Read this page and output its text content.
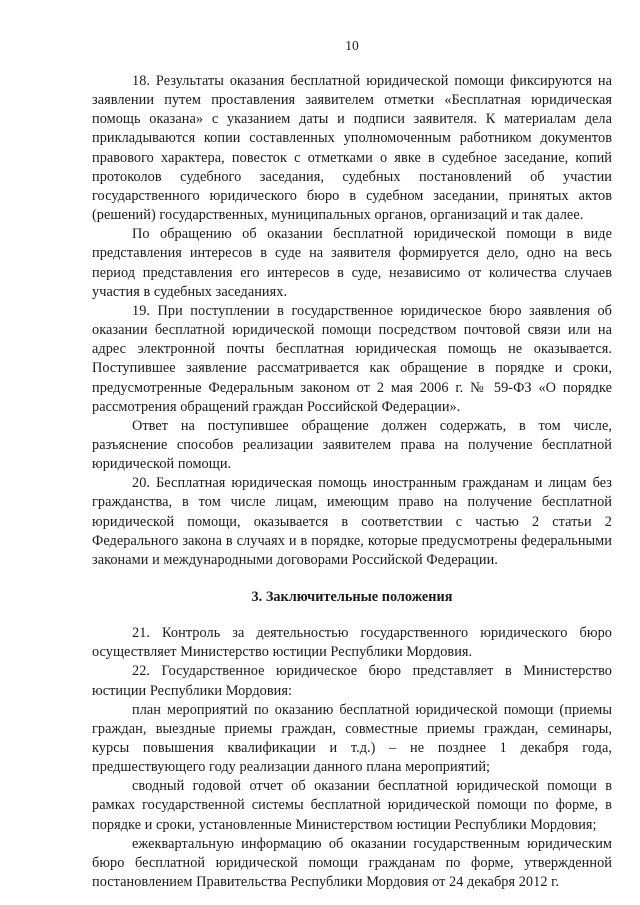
10

18. Результаты оказания бесплатной юридической помощи фиксируются на заявлении путем проставления заявителем отметки «Бесплатная юридическая помощь оказана» с указанием даты и подписи заявителя. К материалам дела прикладываются копии составленных уполномоченным работником документов правового характера, повесток с отметками о явке в судебное заседание, копий протоколов судебного заседания, судебных постановлений об участии государственного юридического бюро в судебном заседании, принятых актов (решений) государственных, муниципальных органов, организаций и так далее.

По обращению об оказании бесплатной юридической помощи в виде представления интересов в суде на заявителя формируется дело, одно на весь период представления его интересов в суде, независимо от количества случаев участия в судебных заседаниях.

19. При поступлении в государственное юридическое бюро заявления об оказании бесплатной юридической помощи посредством почтовой связи или на адрес электронной почты бесплатная юридическая помощь не оказывается. Поступившее заявление рассматривается как обращение в порядке и сроки, предусмотренные Федеральным законом от 2 мая 2006 г. № 59-ФЗ «О порядке рассмотрения обращений граждан Российской Федерации».

Ответ на поступившее обращение должен содержать, в том числе, разъяснение способов реализации заявителем права на получение бесплатной юридической помощи.

20. Бесплатная юридическая помощь иностранным гражданам и лицам без гражданства, в том числе лицам, имеющим право на получение бесплатной юридической помощи, оказывается в соответствии с частью 2 статьи 2 Федерального закона в случаях и в порядке, которые предусмотрены федеральными законами и международными договорами Российской Федерации.

3. Заключительные положения

21. Контроль за деятельностью государственного юридического бюро осуществляет Министерство юстиции Республики Мордовия.

22. Государственное юридическое бюро представляет в Министерство юстиции Республики Мордовия:

план мероприятий по оказанию бесплатной юридической помощи (приемы граждан, выездные приемы граждан, совместные приемы граждан, семинары, курсы повышения квалификации и т.д.) – не позднее 1 декабря года, предшествующего году реализации данного плана мероприятий;

сводный годовой отчет об оказании бесплатной юридической помощи в рамках государственной системы бесплатной юридической помощи по форме, в порядке и сроки, установленные Министерством юстиции Республики Мордовия;

ежеквартальную информацию об оказании государственным юридическим бюро бесплатной юридической помощи гражданам по форме, утвержденной постановлением Правительства Республики Мордовия от 24 декабря 2012 г.
